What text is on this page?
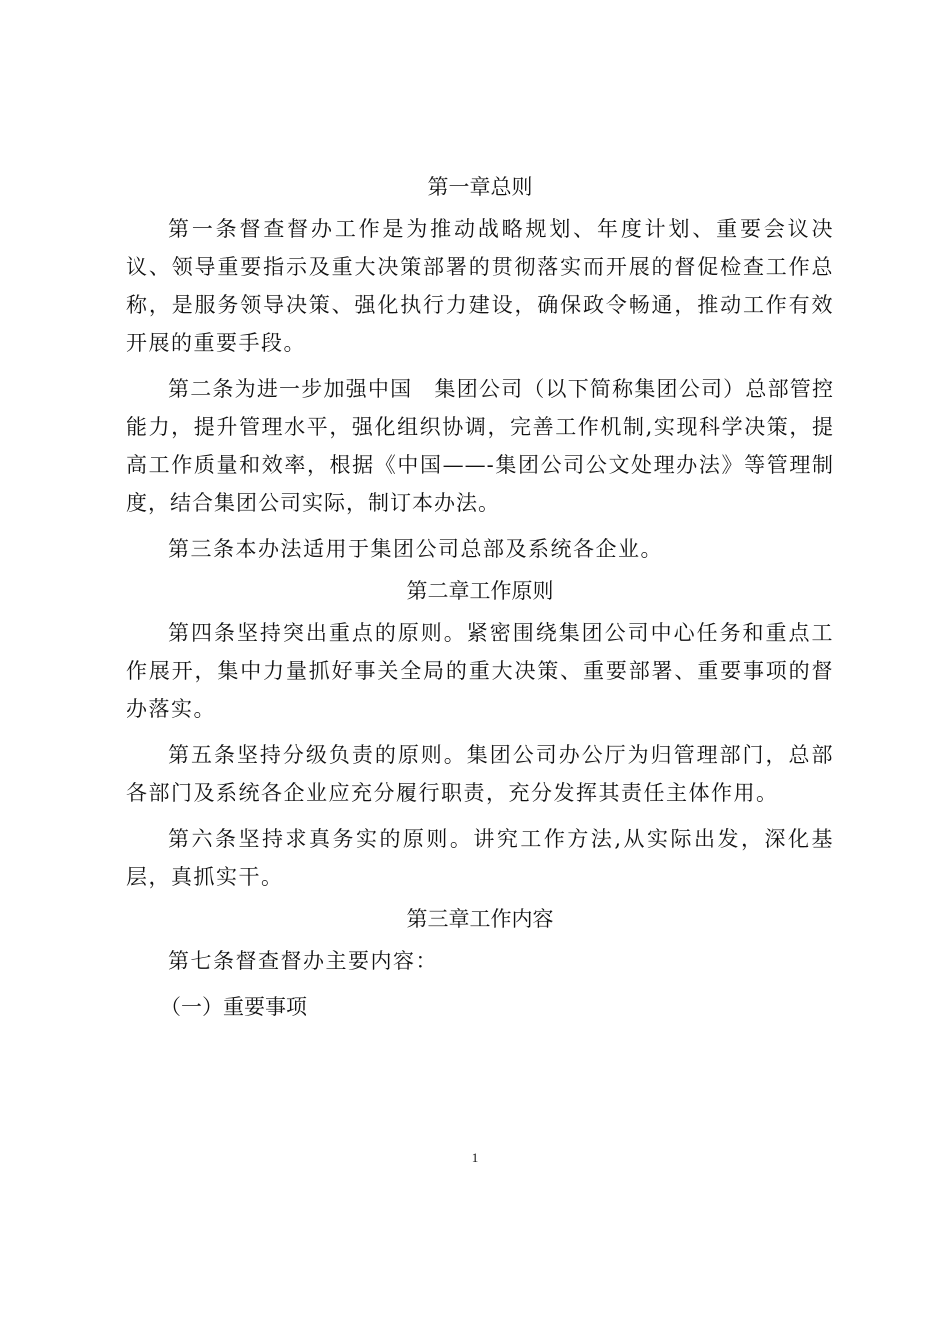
第一章总则

第一条督查督办工作是为推动战略规划、年度计划、重要会议决议、领导重要指示及重大决策部署的贯彻落实而开展的督促检查工作总称，是服务领导决策、强化执行力建设，确保政令畅通，推动工作有效开展的重要手段。

第二条为进一步加强中国　集团公司（以下简称集团公司）总部管控能力，提升管理水平，强化组织协调，完善工作机制,实现科学决策，提高工作质量和效率，根据《中国——-集团公司公文处理办法》等管理制度，结合集团公司实际，制订本办法。

第三条本办法适用于集团公司总部及系统各企业。

第二章工作原则

第四条坚持突出重点的原则。紧密围绕集团公司中心任务和重点工作展开，集中力量抓好事关全局的重大决策、重要部署、重要事项的督办落实。

第五条坚持分级负责的原则。集团公司办公厅为归管理部门，总部各部门及系统各企业应充分履行职责，充分发挥其责任主体作用。

第六条坚持求真务实的原则。讲究工作方法,从实际出发，深化基层，真抓实干。

第三章工作内容

第七条督查督办主要内容：

（一）重要事项

1
